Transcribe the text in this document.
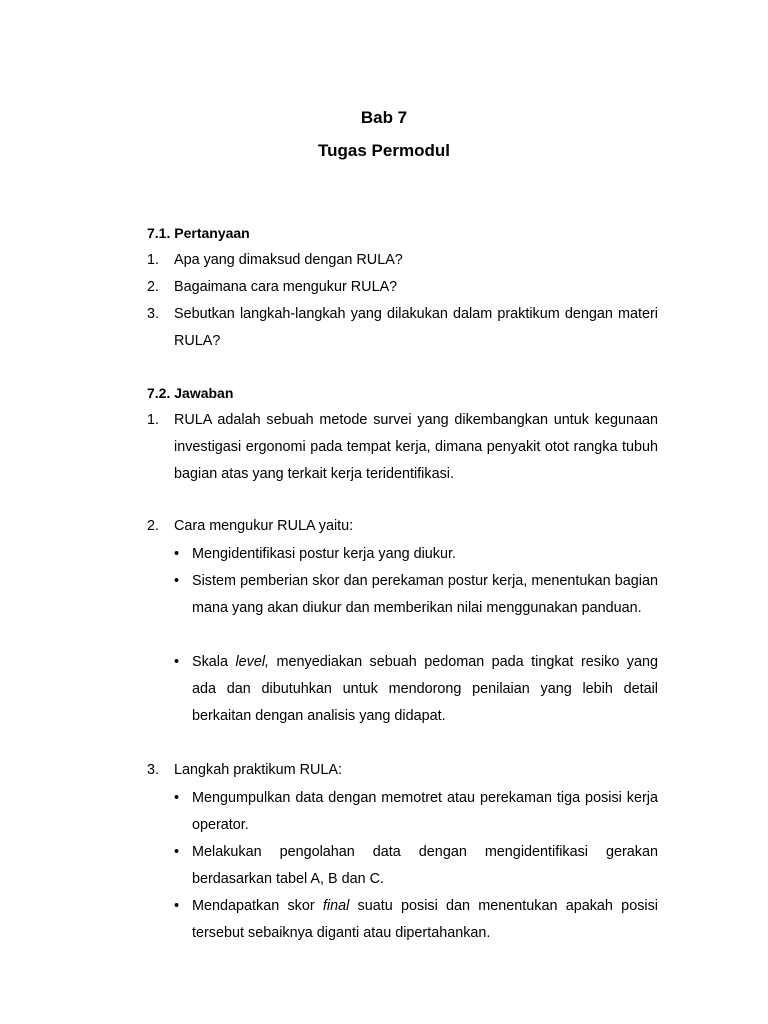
Bab 7
Tugas Permodul
7.1. Pertanyaan
1. Apa yang dimaksud dengan RULA?
2. Bagaimana cara mengukur RULA?
3. Sebutkan langkah-langkah yang dilakukan dalam praktikum dengan materi RULA?
7.2. Jawaban
1. RULA adalah sebuah metode survei yang dikembangkan untuk kegunaan investigasi ergonomi pada tempat kerja, dimana penyakit otot rangka tubuh bagian atas yang terkait kerja teridentifikasi.
2. Cara mengukur RULA yaitu:
• Mengidentifikasi postur kerja yang diukur.
• Sistem pemberian skor dan perekaman postur kerja, menentukan bagian mana yang akan diukur dan memberikan nilai menggunakan panduan.
• Skala level, menyediakan sebuah pedoman pada tingkat resiko yang ada dan dibutuhkan untuk mendorong penilaian yang lebih detail berkaitan dengan analisis yang didapat.
3. Langkah praktikum RULA:
• Mengumpulkan data dengan memotret atau perekaman tiga posisi kerja operator.
• Melakukan pengolahan data dengan mengidentifikasi gerakan berdasarkan tabel A, B dan C.
• Mendapatkan skor final suatu posisi dan menentukan apakah posisi tersebut sebaiknya diganti atau dipertahankan.
